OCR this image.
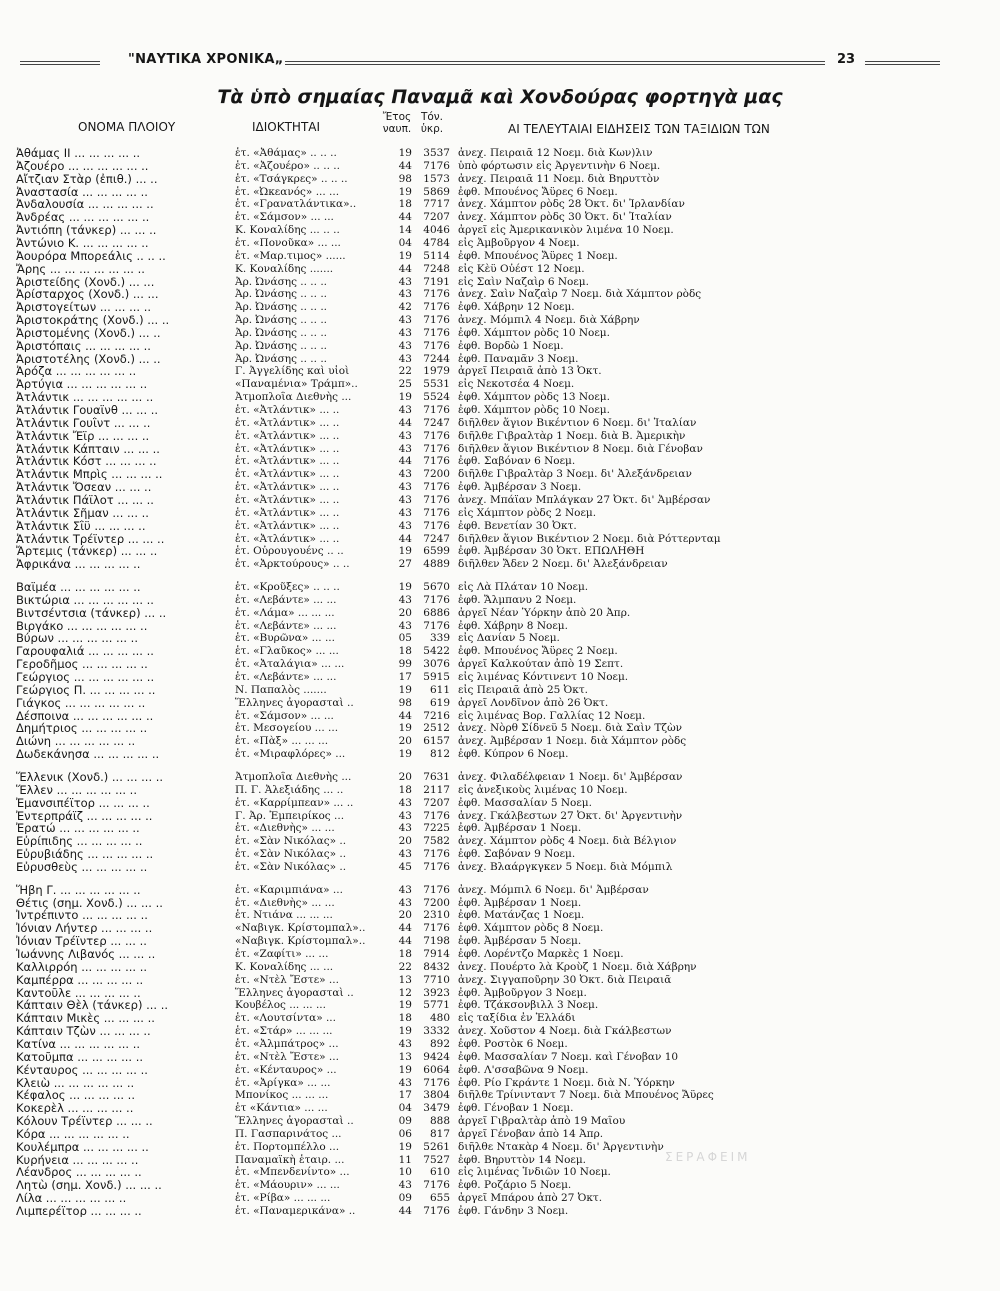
"ΝΑΥΤΙΚΑ ΧΡΟΝΙΚΑ„	23
Τὰ ὑπὸ σημαίας Παναμᾶ καὶ Χονδούρας φορτηγὰ μας
ΟΝΟΜΑ ΠΛΟΙΟΥ	ΙΔΙΟΚΤΗΤΑΙ
Ἔτος
ναυπ.
Τόν.
ὑκρ.	ΑΙ ΤΕΛΕΥΤΑΙΑΙ ΕΙΔΗΣΕΙΣ ΤΩΝ ΤΑΞΙΔΙΩΝ ΤΩΝ
Ἀθάμας ΙΙ ... ... ... ... ..	ἑτ. «Ἀθάμας» .. .. ..	19	3537 ἀνεχ. Πειραιᾶ 12 Νοεμ. διὰ Κων)λιν
Ἀζουέρο ... ... ... ... ... ..	ἑτ. «Ἀζουέρο» .. .. ..	44	7176 ὑπὸ φόρτωσιν εἰς Ἀργεντινὴν 6 Νοεμ.
Αἴτζιαν Στὰρ (ἐπιθ.) ... ..	ἑτ. «Τσάγκρες» .. .. ..	98	1573 ἀνεχ. Πειραιᾶ 11 Νοεμ. διὰ Βηρυττὸν
Ἀναστασία ... ... ... ... ..	ἑτ. «Ὠκεανός» ... ...	19	5869 ἐφθ. Μπουένος Ἄϋρες 6 Νοεμ.
Ἀνδαλουσία ... ... ... ... ..	ἑτ. «Γρανατλάντικα»..	18	7717 ἀνεχ. Χάμπτον ρὸδς 28 Ὀκτ. δι' Ἰρλανδίαν
Ἀνδρέας ... ... ... ... ... ..	ἑτ. «Σάμσον» ... ...	44	7207 ἀνεχ. Χάμπτον ρὸδς 30 Ὀκτ. δι' Ἰταλίαν
Ἀντιόπη (τάνκερ) ... ... ..	Κ. Κοναλίδης ... .. ..	14	4046 ἀργεῖ εἰς Ἀμερικανικὸν λιμένα 10 Νοεμ.
Ἀντώνιο Κ. ... ... ... ... ..	ἑτ. «Πονοῦκα» ... ...	04	4784 εἰς Ἀμβοῦργον 4 Νοεμ.
Ἀουρόρα Μπορεάλις .. .. ..	ἑτ. «Μαρ.τιμος» ......	19	5114 ἐφθ. Μπουένος Ἄϋρες 1 Νοεμ.
Ἄρης ... ... ... ... ... ... ..	Κ. Κοναλίδης .......	44	7248 εἰς Κὲϋ Οὐέστ 12 Νοεμ.
Ἀριστείδης (Χονδ.) ... ...	Ἀρ. Ὠνάσης .. .. ..	43	7191 εἰς Σαὶν Ναζαὶρ 6 Νοεμ.
Ἀρίσταρχος (Χονδ.) ... ...	Ἀρ. Ὠνάσης .. .. ..	43	7176 ἀνεχ. Σαὶν Ναζαὶρ 7 Νοεμ. διὰ Χάμπτον ρὸδς
Ἀριστογείτων ... ... ... ..	Ἀρ. Ὠνάσης .. .. ..	42	7176 ἐφθ. Χάβρην 12 Νοεμ.
Ἀριστοκράτης (Χονδ.) ... ..	Ἀρ. Ὠνάσης .. .. ..	43	7176 ἀνεχ. Μόμπιλ 4 Νοεμ. διὰ Χάβρην
Ἀριστομένης (Χονδ.) ... ..	Ἀρ. Ὠνάσης .. .. ..	43	7176 ἐφθ. Χάμπτον ρὸδς 10 Νοεμ.
Ἀριστόπαις ... ... ... ... ..	Ἀρ. Ὠνάσης .. .. ..	43	7176 ἐφθ. Βορδὼ 1 Νοεμ.
Ἀριστοτέλης (Χονδ.) ... ..	Ἀρ. Ὠνάσης .. .. ..	43	7244 ἐφθ. Παναμᾶν 3 Νοεμ.
Ἀρόζα ... ... ... ... ... ..	Γ. Ἀγγελίδης καὶ υἱοὶ	22	1979 ἀργεῖ Πειραιᾶ ἀπὸ 13 Ὀκτ.
Ἀρτύγια ... ... ... ... ... ..	«Παναμένια» Τράμπ»..	25	5531 εἰς Νεκοτσέα 4 Νοεμ.
Ἀτλάντικ ... ... ... ... ... ..	Ἀτμοπλοΐα Διεθνὴς ...	19	5524 ἐφθ. Χάμπτον ρὸδς 13 Νοεμ.
Ἀτλάντικ Γουαϊνθ ... ... ..	ἑτ. «Ἀτλάντικ» ... ..	43	7176 ἐφθ. Χάμπτον ρὸδς 10 Νοεμ.
Ἀτλάντικ Γουΐντ ... ... ..	ἑτ. «Ἀτλάντικ» ... ..	44	7247 διῆλθεν ἅγιον Βικέντιον 6 Νοεμ. δι' Ἰταλίαν
Ἀτλάντικ Ἔϊρ ... ... ... ..	ἑτ. «Ἀτλάντικ» ... ..	43	7176 διῆλθε Γιβραλτὰρ 1 Νοεμ. διὰ Β. Ἀμερικὴν
Ἀτλάντικ Κάπταιν ... ... ..	ἑτ. «Ἀτλάντικ» ... ..	43	7176 διῆλθεν ἅγιον Βικέντιον 8 Νοεμ. διὰ Γένοβαν
Ἀτλάντικ Κόστ ... ... ... ..	ἑτ. «Ἀτλάντικ» ... ..	44	7176 ἐφθ. Σαβόναν 6 Νοεμ.
Ἀτλάντικ Μπρὶς ... ... ... ..	ἑτ. «Ἀτλάντικ» ... ..	43	7200 διῆλθε Γιβραλτὰρ 3 Νοεμ. δι' Ἀλεξάνδρειαν
Ἀτλάντικ Ὄσεαν ... ... ..	ἑτ. «Ἀτλάντικ» ... ..	43	7176 ἐφθ. Ἀμβέρσαν 3 Νοεμ.
Ἀτλάντικ Πάϊλοτ ... ... ..	ἑτ. «Ἀτλάντικ» ... ..	43	7176 ἀνεχ. Μπάϊαν Μπλάγκαν 27 Ὀκτ. δι' Ἀμβέρσαν
Ἀτλάντικ Σῆμαν ... ... ..	ἑτ. «Ἀτλάντικ» ... ..	43	7176 εἰς Χάμπτον ρὸδς 2 Νοεμ.
Ἀτλάντικ Σΐϋ ... ... ... ..	ἑτ. «Ἀτλάντικ» ... ..	43	7176 ἐφθ. Βενετίαν 30 Ὀκτ.
Ἀτλάντικ Τρέϊντερ ... ... ..	ἑτ. «Ἀτλάντικ» ... ..	44	7247 διῆλθεν ἅγιον Βικέντιον 2 Νοεμ. διὰ Ρόττερνταμ
Ἄρτεμις (τάνκερ) ... ... ..	ἑτ. Οὐρουγουένς .. ..	19	6599 ἐφθ. Ἀμβέρσαν 30 Ὀκτ. ΕΠΩΛΗΘΗ
Ἀφρικάνα ... ... ... ... ..	ἑτ. «Ἀρκτούρους» .. ..	27	4889 διῆλθεν Ἄδεν 2 Νοεμ. δι' Ἀλεξάνδρειαν
Βαϊμέα ... ... ... ... ... ..	ἑτ. «Κροῦξες» .. .. ..	19	5670 εἰς Λὰ Πλάταν 10 Νοεμ.
Βικτώρια ... ... ... ... ... ..	ἑτ. «Λεβάντε» ... ...	43	7176 ἐφθ. Ἄλμπανυ 2 Νοεμ.
Βιντσέντσια (τάνκερ) ... ..	ἑτ. «Λάμα» ... ... ...	20	6886 ἀργεῖ Νέαν Ὑόρκην ἀπὸ 20 Ἀπρ.
Βιργάκο ... ... ... ... ... ..	ἑτ. «Λεβάντε» ... ...	43	7176 ἐφθ. Χάβρην 8 Νοεμ.
Βύρων ... ... ... ... ... ..	ἑτ. «Βυρῶνα» ... ...	05	339 εἰς Δανίαν 5 Νοεμ.
Γαρουφαλιά ... ... ... ... ..	ἑτ. «Γλαῦκος» ... ...	18	5422 ἐφθ. Μπουένος Ἄϋρες 2 Νοεμ.
Γεροδῆμος ... ... ... ... ..	ἑτ. «Ἀταλάγια» ... ...	99	3076 ἀργεῖ Καλκούταν ἀπὸ 19 Σεπτ.
Γεώργιος ... ... ... ... ... ..	ἑτ. «Λεβάντε» ... ...	17	5915 εἰς λιμένας Κόντινεντ 10 Νοεμ.
Γεώργιος Π. ... ... ... ... ..	Ν. Παπαλὸς .......	19	611 εἰς Πειραιᾶ ἀπὸ 25 Ὀκτ.
Γιάγκος ... ... ... ... ... ..	Ἕλληνες ἀγορασταὶ ..	98	619 ἀργεῖ Λονδῖνον ἀπὸ 26 Ὀκτ.
Δέσποινα ... ... ... ... ... ..	ἑτ. «Σάμσον» ... ...	44	7216 εἰς λιμένας Βορ. Γαλλίας 12 Νοεμ.
Δημήτριος ... ... ... ... ..	ἑτ. Μεσογείου ... ...	19	2512 ἀνεχ. Νὸρθ Σίδνεϋ 5 Νοεμ. διὰ Σαὶν Τζὼν
Διώνη ... ... ... ... ... ..	ἑτ. «Πὰξ» ... ... ...	20	6157 ἀνεχ. Ἀμβέρσαν 1 Νοεμ. διὰ Χάμπτον ρὸδς
Δωδεκάνησα ... ... ... ... ..	ἑτ. «Μιραφλόρες» ...	19	812 ἐφθ. Κύπρον 6 Νοεμ.
Ἕλλενικ (Χονδ.) ... ... ... ..	Ἀτμοπλοΐα Διεθνὴς ...	20	7631 ἀνεχ. Φιλαδέλφειαν 1 Νοεμ. δι' Ἀμβέρσαν
Ἕλλεν ... ... ... ... ... ..	Π. Γ. Ἀλεξιάδης ... ..	18	2117 εἰς ἀνεξικοὺς λιμένας 10 Νοεμ.
Ἐμανσιπέϊτορ ... ... ... ..	ἑτ. «Καρρίμπεαν» ... ..	43	7207 ἐφθ. Μασσαλίαν 5 Νοεμ.
Ἐντερπράϊζ ... ... ... ... ..	Γ. Ἀρ. Ἐμπειρίκος ...	43	7176 ἀνεχ. Γκάλβεστων 27 Ὀκτ. δι' Ἀργεντινὴν
Ἐρατώ ... ... ... ... ... ..	ἑτ. «Διεθνὴς» ... ...	43	7225 ἐφθ. Ἀμβέρσαν 1 Νοεμ.
Εὐρίπιδης ... ... ... ... ..	ἑτ. «Σὰν Νικόλας» ..	20	7582 ἀνεχ. Χάμπτον ρὸδς 4 Νοεμ. διὰ Βέλγιον
Εὐρυβιάδης ... ... ... ... ..	ἑτ. «Σὰν Νικόλας» ..	43	7176 ἐφθ. Σαβόναν 9 Νοεμ.
Εὐρυσθεὺς ... ... ... ... ..	ἑτ. «Σὰν Νικόλας» ..	45	7176 ἀνεχ. Βλαάργκγκεν 5 Νοεμ. διὰ Μόμπιλ
Ἥβη Γ. ... ... ... ... ... ..	ἑτ. «Καριμπιάνα» ...	43	7176 ἀνεχ. Μόμπιλ 6 Νοεμ. δι' Ἀμβέρσαν
Θέτις (σημ. Χονδ.) ... ... ..	ἑτ. «Διεθνὴς» ... ...	43	7200 ἐφθ. Ἀμβέρσαν 1 Νοεμ.
Ἰντρέπιντο ... ... ... ... ..	ἑτ. Ντιάνα ... ... ...	20	2310 ἐφθ. Ματάνζας 1 Νοεμ.
Ἰόνιαν Λήντερ ... ... ... ..	«Ναβιγκ. Κρίστομπαλ»..	44	7176 ἐφθ. Χάμπτον ρὸδς 8 Νοεμ.
Ἰόνιαν Τρέϊντερ ... ... ..	«Ναβιγκ. Κρίστομπαλ»..	44	7198 ἐφθ. Ἀμβέρσαν 5 Νοεμ.
Ἰωάννης Λιβανός ... ... ..	ἑτ. «Ζαφίτι» ... ...	18	7914 ἐφθ. Λορέντζο Μαρκὲς 1 Νοεμ.
Καλλιρρόη ... ... ... ... ..	Κ. Κοναλίδης ... ...	22	8432 ἀνεχ. Πουέρτο λὰ Κροὺζ 1 Νοεμ. διὰ Χάβρην
Καμπέρρα ... ... ... ... ..	ἑτ. «Ντὲλ Ἔστε» ...	13	7710 ἀνεχ. Σιγγαποῦρην 30 Ὀκτ. διὰ Πειραιᾶ
Καντοῦλε ... ... ... ... ..	Ἕλληνες ἀγορασταὶ ..	12	3923 ἐφθ. Ἀμβοῦργον 3 Νοεμ.
Κάπταιν Θὲλ (τάνκερ) ... ..	Κουβέλος ... ... ...	19	5771 ἐφθ. Τζάκσονβιλλ 3 Νοεμ.
Κάπταιν Μικὲς ... ... ... ..	ἑτ. «Λουτσίντα» ...	18	480 εἰς ταξίδια ἐν Ἑλλάδι
Κάπταιν Τζὼν ... ... ... ..	ἑτ. «Στάρ» ... ... ...	19	3332 ἀνεχ. Χοῦστον 4 Νοεμ. διὰ Γκάλβεστων
Κατίνα ... ... ... ... ... ..	ἑτ. «Ἀλμπάτρος» ...	43	892 ἐφθ. Ροστὸκ 6 Νοεμ.
Κατοῦμπα ... ... ... ... ..	ἑτ. «Ντὲλ Ἔστε» ...	13	9424 ἐφθ. Μασσαλίαν 7 Νοεμ. καὶ Γένοβαν 10
Κένταυρος ... ... ... ... ..	ἑτ. «Κένταυρος» ...	19	6064 ἐφθ. Λ'σσαβῶνα 9 Νοεμ.
Κλειὼ ... ... ... ... ... ..	ἑτ. «Ἀρίγκα» ... ...	43	7176 ἐφθ. Ρίο Γκράντε 1 Νοεμ. διὰ Ν. Ὑόρκην
Κέφαλος ... ... ... ... ..	Μπονίκος ... ... ...	17	3804 διῆλθε Τρίνινταντ 7 Νοεμ. διὰ Μπουένος Ἄϋρες
Κοκερὲλ ... ... ... ... ..	ἑτ «Κάντια» ... ...	04	3479 ἐφθ. Γένοβαν 1 Νοεμ.
Κόλουν Τρέϊντερ ... ... ..	Ἕλληνες ἀγορασταὶ ..	09	888 ἀργεῖ Γιβραλτὰρ ἀπὸ 19 Μαΐου
Κόρα ... ... ... ... ... ..	Π. Γασπαρινάτος ...	06	817 ἀργεῖ Γένοβαν ἀπὸ 14 Ἀπρ.
Κουλέμπρα ... ... ... ... ..	ἑτ. Πορτομπέλλο ...	19	5261 διῆλθε Ντακὰρ 4 Νοεμ. δι' Ἀργεντινὴν
Κυρήνεια ... ... ... ... ..	Παναμαϊκὴ ἑταιρ. ...	11	7527 ἐφθ. Βηρυττὸν 14 Νοεμ.
Λέανδρος ... ... ... ... ..	ἑτ. «Μπενδενίντο» ...	10	610 εἰς λιμένας Ἰνδιῶν 10 Νοεμ.
Λητὼ (σημ. Χονδ.) ... ... ..	ἑτ. «Μάουριν» ... ...	43	7176 ἐφθ. Ροζάριο 5 Νοεμ.
Λίλα ... ... ... ... ... ..	ἑτ. «Ρίβα» ... ... ...	09	655 ἀργεῖ Μπάρου ἀπὸ 27 Ὀκτ.
Λιμπερέϊτορ ... ... ... ..	ἑτ. «Παναμερικάνα» ..	44	7176 ἐφθ. Γάνδην 3 Νοεμ.
ΣΕΡΑΦΕΙΜ
